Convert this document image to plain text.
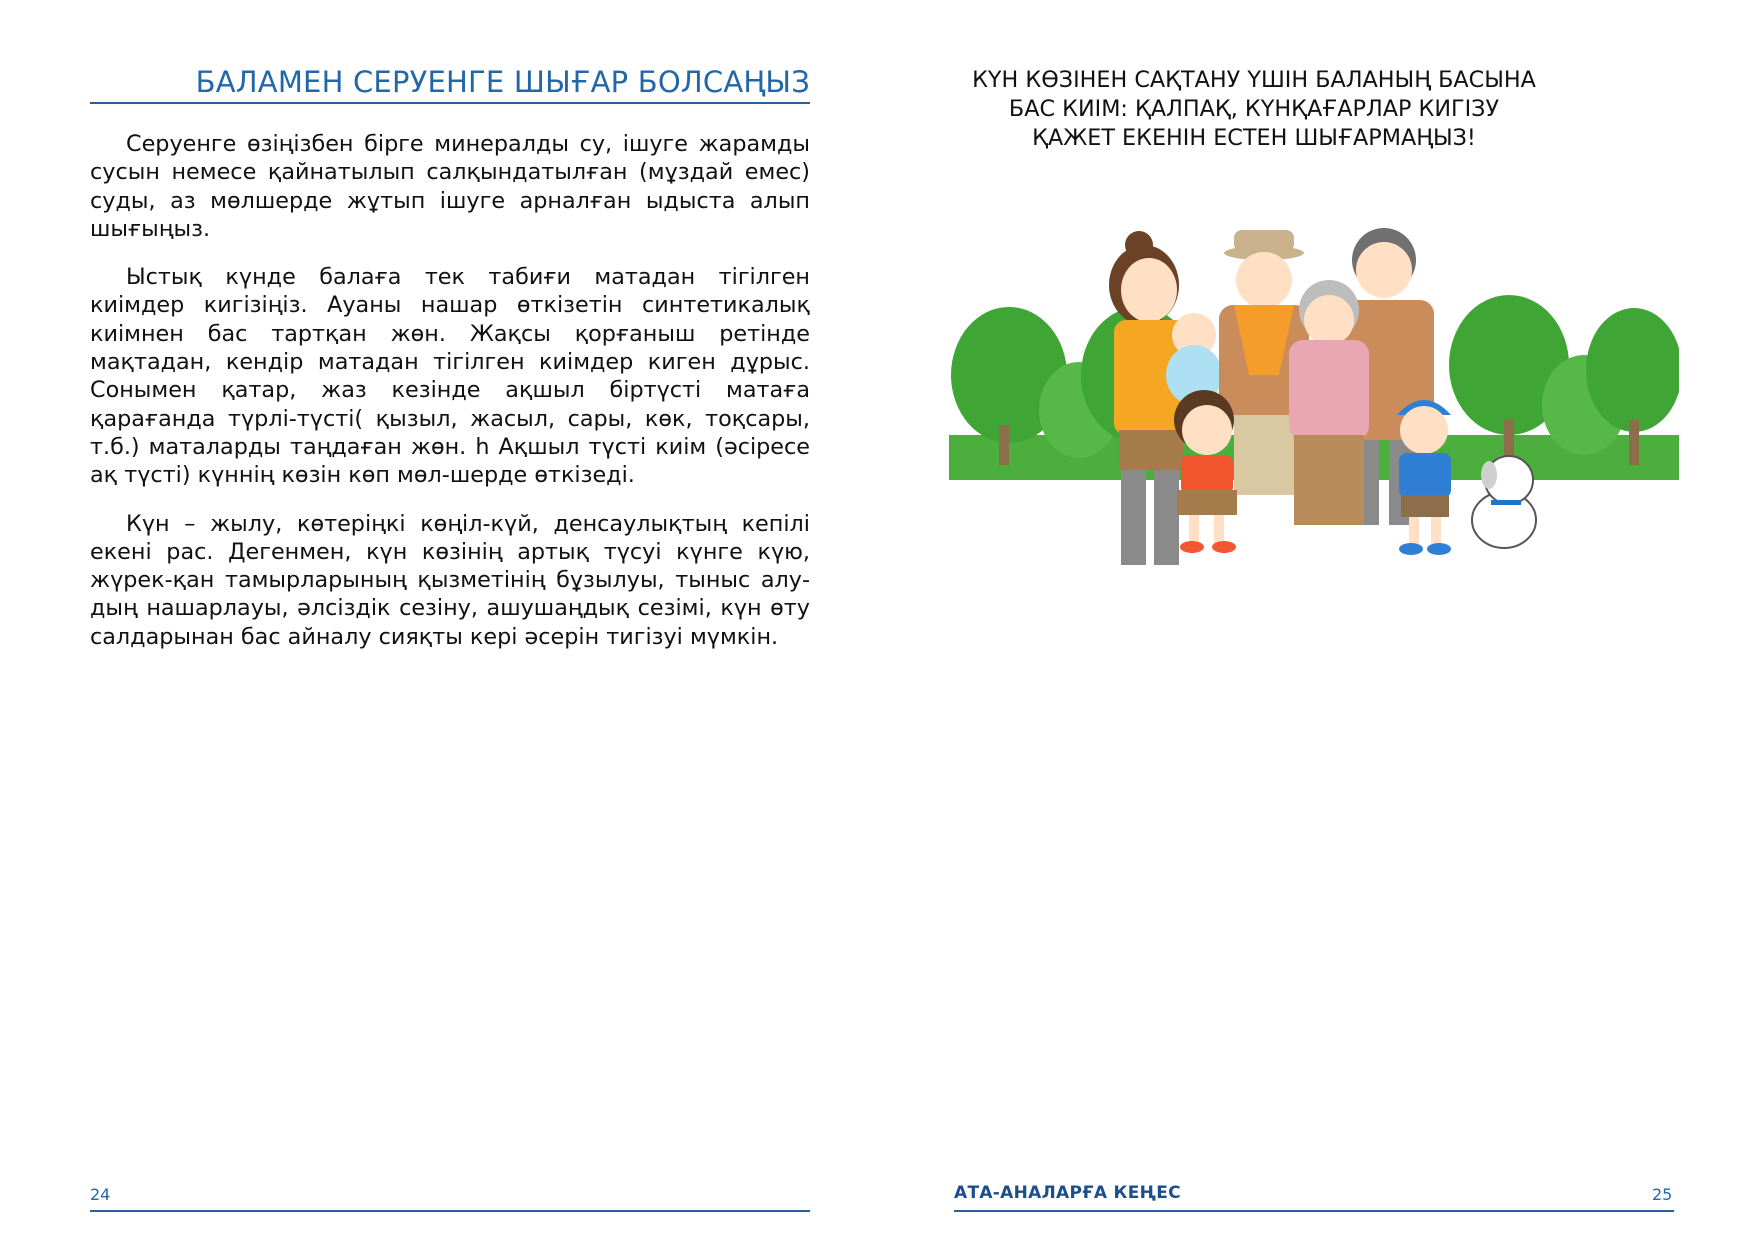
БАЛАМЕН СЕРУЕНГЕ ШЫҒАР БОЛСАҢЫЗ

Серуенге өзіңізбен бірге минералды су, ішуге жарамды сусын немесе қайнатылып салқындатылған (мұздай емес) суды, аз мөлшерде жұтып ішуге арналған ыдыста алып шығыңыз.

Ыстық күнде балаға тек табиғи матадан тігілген киімдер кигізіңіз. Ауаны нашар өткізетін синтетикалық киімнен бас тартқан жөн. Жақсы қорғаныш ретінде мақтадан, кендір матадан тігілген киімдер киген дұрыс. Сонымен қатар, жаз кезінде ақшыл біртүсті матаға қарағанда түрлі-түсті( қызыл, жасыл, сары, көк, тоқсары, т.б.) маталарды таңдаған жөн. һ Ақшыл түсті киім (әсіресе ақ түсті) күннің көзін көп мөл-шерде өткізеді.

Күн – жылу, көтеріңкі көңіл-күй, денсаулықтың кепілі екені рас. Дегенмен, күн көзінің артық түсуі күнге күю, жүрек-қан тамырларының қызметінің бұзылуы, тыныс алу-дың нашарлауы, әлсіздік сезіну, ашушаңдық сезімі, күн өту салдарынан бас айналу сияқты кері әсерін тигізуі мүмкін.

24
КҮН КӨЗІНЕН САҚТАНУ ҮШІН БАЛАНЫҢ БАСЫНА БАС КИІМ: ҚАЛПАҚ, КҮНҚАҒАРЛАР КИГІЗУ ҚАЖЕТ ЕКЕНІН ЕСТЕН ШЫҒАРМАҢЫЗ!
АТА-АНАЛАРҒА КЕҢЕС	25
